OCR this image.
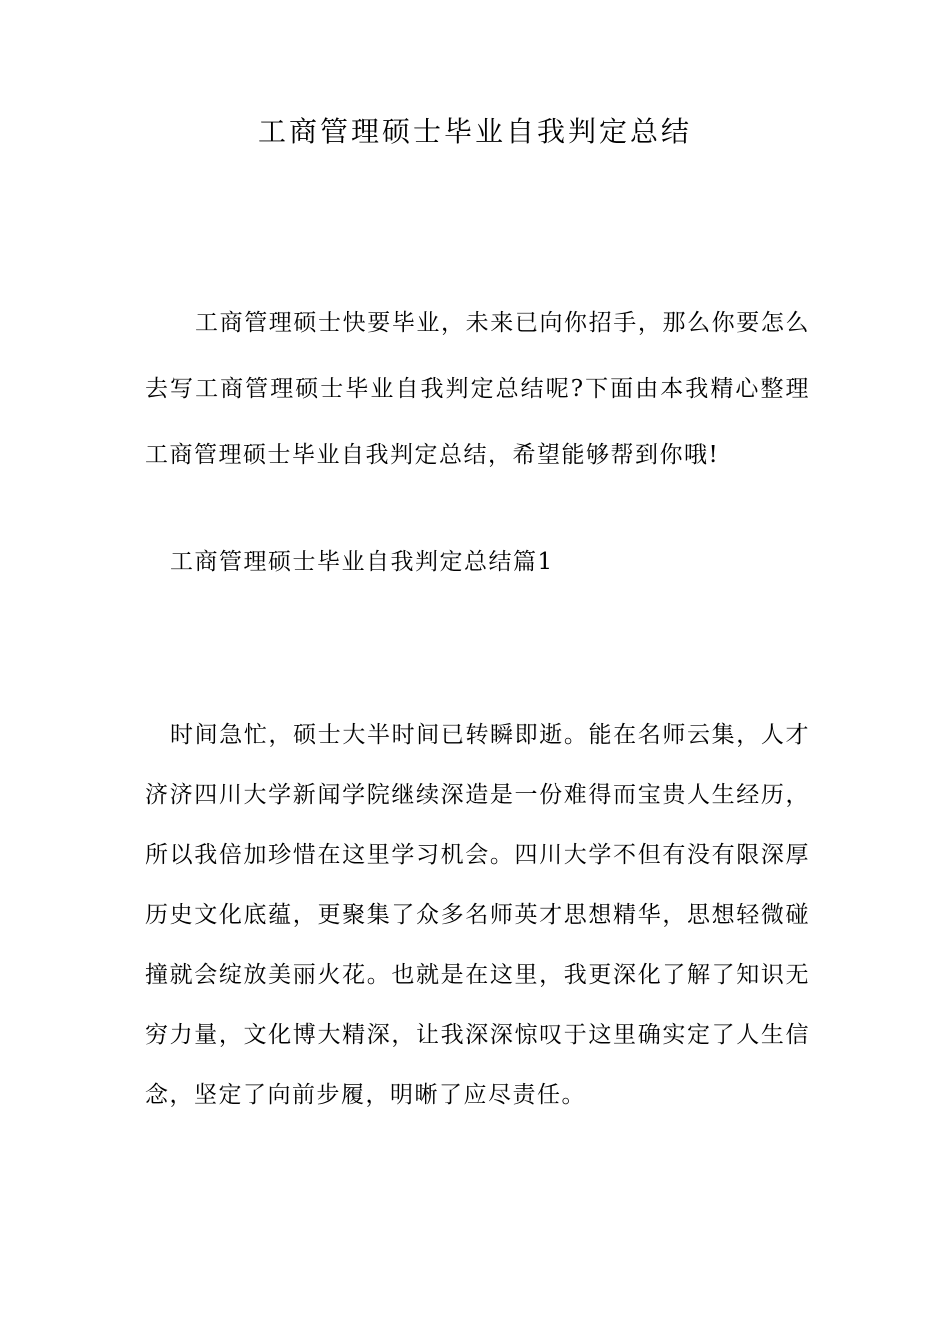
工商管理硕士毕业自我判定总结

工商管理硕士快要毕业，未来已向你招手，那么你要怎么去写工商管理硕士毕业自我判定总结呢?下面由本我精心整理工商管理硕士毕业自我判定总结，希望能够帮到你哦!

工商管理硕士毕业自我判定总结篇1

时间急忙，硕士大半时间已转瞬即逝。能在名师云集，人才济济四川大学新闻学院继续深造是一份难得而宝贵人生经历，所以我倍加珍惜在这里学习机会。四川大学不但有没有限深厚历史文化底蕴，更聚集了众多名师英才思想精华，思想轻微碰撞就会绽放美丽火花。也就是在这里，我更深化了解了知识无穷力量，文化博大精深，让我深深惊叹于这里确实定了人生信念，坚定了向前步履，明晰了应尽责任。
